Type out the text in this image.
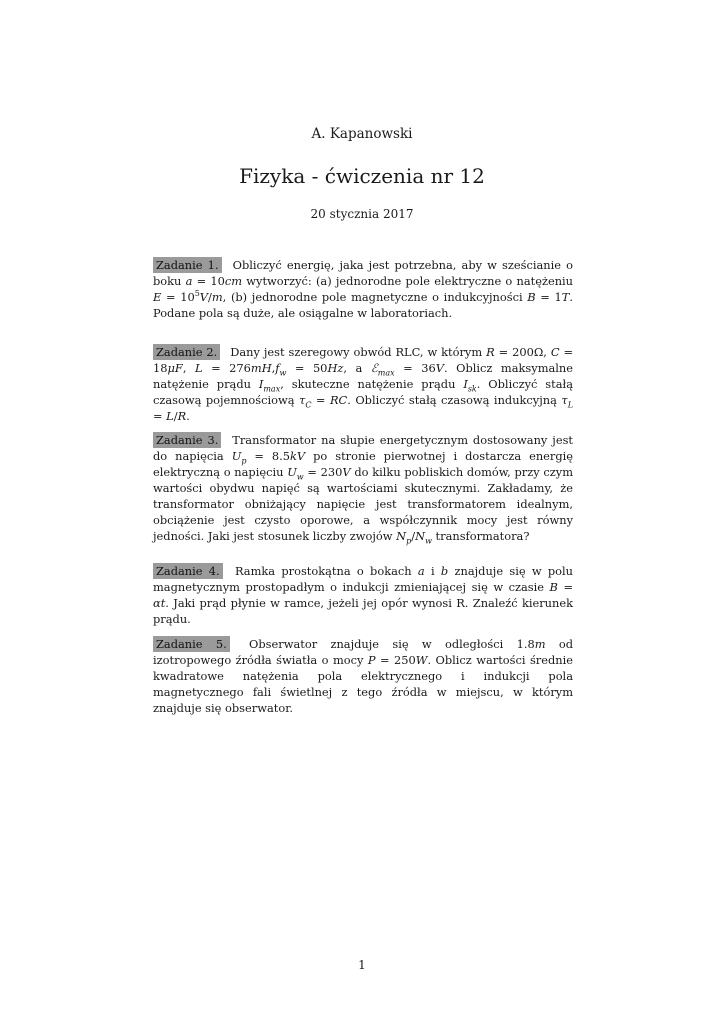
A. Kapanowski
Fizyka - ćwiczenia nr 12
20 stycznia 2017
Zadanie 1. Obliczyć energię, jaka jest potrzebna, aby w sześcianie o boku a = 10cm wytworzyć: (a) jednorodne pole elektryczne o natężeniu $E = 10^5V/m$, (b) jednorodne pole magnetyczne o indukcyjności B = 1T. Podane pola są duże, ale osiągalne w laboratoriach.
Zadanie 2. Dany jest szeregowy obwód RLC, w którym R = 200Ω, C = 18μF, $L = 276mH,f_w = 50Hz$, a ℰ$_{max}$ = 36V. Oblicz maksymalne natężenie prądu $I_{max}$, skuteczne natężenie prądu $I_{sk}$. Obliczyć stałą czasową pojemnościową $\tau_C$ = RC. Obliczyć stałą czasową indukcyjną $\tau_L = L/R$.
Zadanie 3. Transformator na słupie energetycznym dostosowany jest do napięcia $U_p = 8.5kV$ po stronie pierwotnej i dostarcza energię elektryczną o napięciu $U_w = 230V$ do kilku pobliskich domów, przy czym wartości obydwu napięć są wartościami skutecznymi. Zakładamy, że transformator obniżający napięcie jest transformatorem idealnym, obciążenie jest czysto oporowe, a współczynnik mocy jest równy jedności. Jaki jest stosunek liczby zwojów $N_p/N_w$ transformatora?
Zadanie 4. Ramka prostokątna o bokach a i b znajduje się w polu magnetycznym prostopadłym o indukcji zmieniającej się w czasie B = αt. Jaki prąd płynie w ramce, jeżeli jej opór wynosi R. Znaleźć kierunek prądu.
Zadanie 5. Obserwator znajduje się w odległości 1.8m od izotropowego źródła światła o mocy P = 250W. Oblicz wartości średnie kwadratowe natężenia pola elektrycznego i indukcji pola magnetycznego fali świetlnej z tego źródła w miejscu, w którym znajduje się obserwator.
1
